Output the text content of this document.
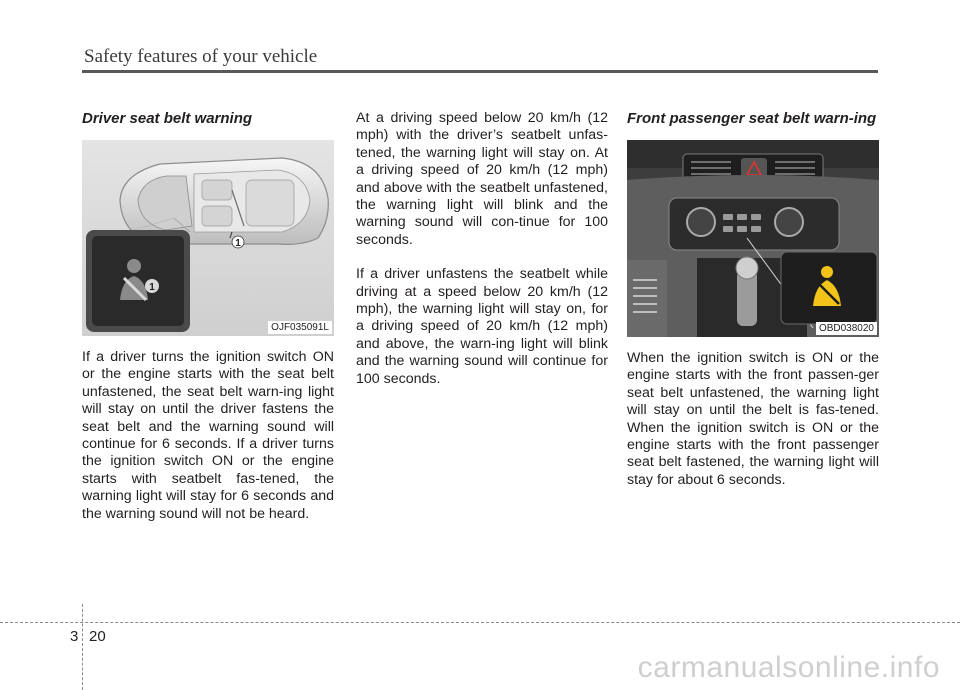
Safety features of your vehicle
Driver seat belt warning
1
1
OJF035091L

If a driver turns the ignition switch ON or the engine starts with the seat belt unfastened, the seat belt warn-ing light will stay on until the driver fastens the seat belt and the warning sound will continue for 6 seconds. If a driver turns the ignition switch ON or the engine starts with seatbelt fas-tened, the warning light will stay for 6 seconds and the warning sound will not be heard.

At a driving speed below 20 km/h (12 mph) with the driver’s seatbelt unfas-tened, the warning light will stay on. At a driving speed of 20 km/h (12 mph) and above with the seatbelt unfastened, the warning light will blink and the warning sound will con-tinue for 100 seconds.

If a driver unfastens the seatbelt while driving at a speed below 20 km/h (12 mph), the warning light will stay on, for a driving speed of 20 km/h (12 mph) and above, the warn-ing light will blink and the warning sound will continue for 100 seconds.

Front passenger seat belt warn-ing
OBD038020

When the ignition switch is ON or the engine starts with the front passen-ger seat belt unfastened, the warning light will stay on until the belt is fas-tened. When the ignition switch is ON or the engine starts with the front passenger seat belt fastened, the warning light will stay for about 6 seconds.

3 20
carmanualsonline.info
